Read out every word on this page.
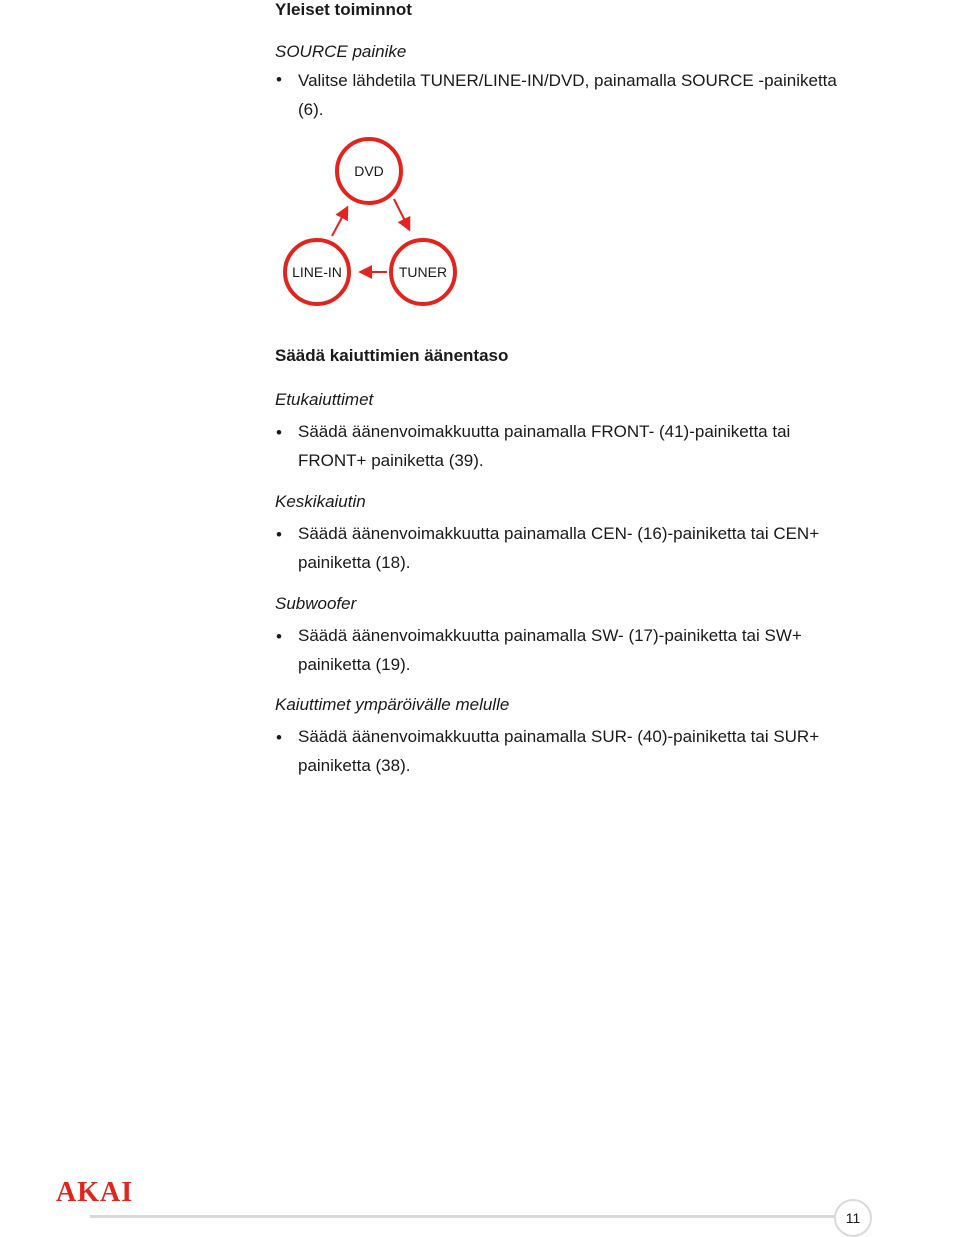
Yleiset toiminnot
SOURCE painike
• Valitse lähdetila TUNER/LINE-IN/DVD, painamalla SOURCE -painiketta
(6).
DVD
LINE-IN	TUNER
Säädä kaiuttimien äänentaso
Etukaiuttimet
• Säädä äänenvoimakkuutta painamalla FRONT- (41)-painiketta tai
FRONT+ painiketta (39).
Keskikaiutin
• Säädä äänenvoimakkuutta painamalla CEN- (16)-painiketta tai CEN+
painiketta (18).
Subwoofer
• Säädä äänenvoimakkuutta painamalla SW- (17)-painiketta tai SW+
painiketta (19).
Kaiuttimet ympäröivälle melulle
• Säädä äänenvoimakkuutta painamalla SUR- (40)-painiketta tai SUR+
painiketta (38).
AKAI
11
